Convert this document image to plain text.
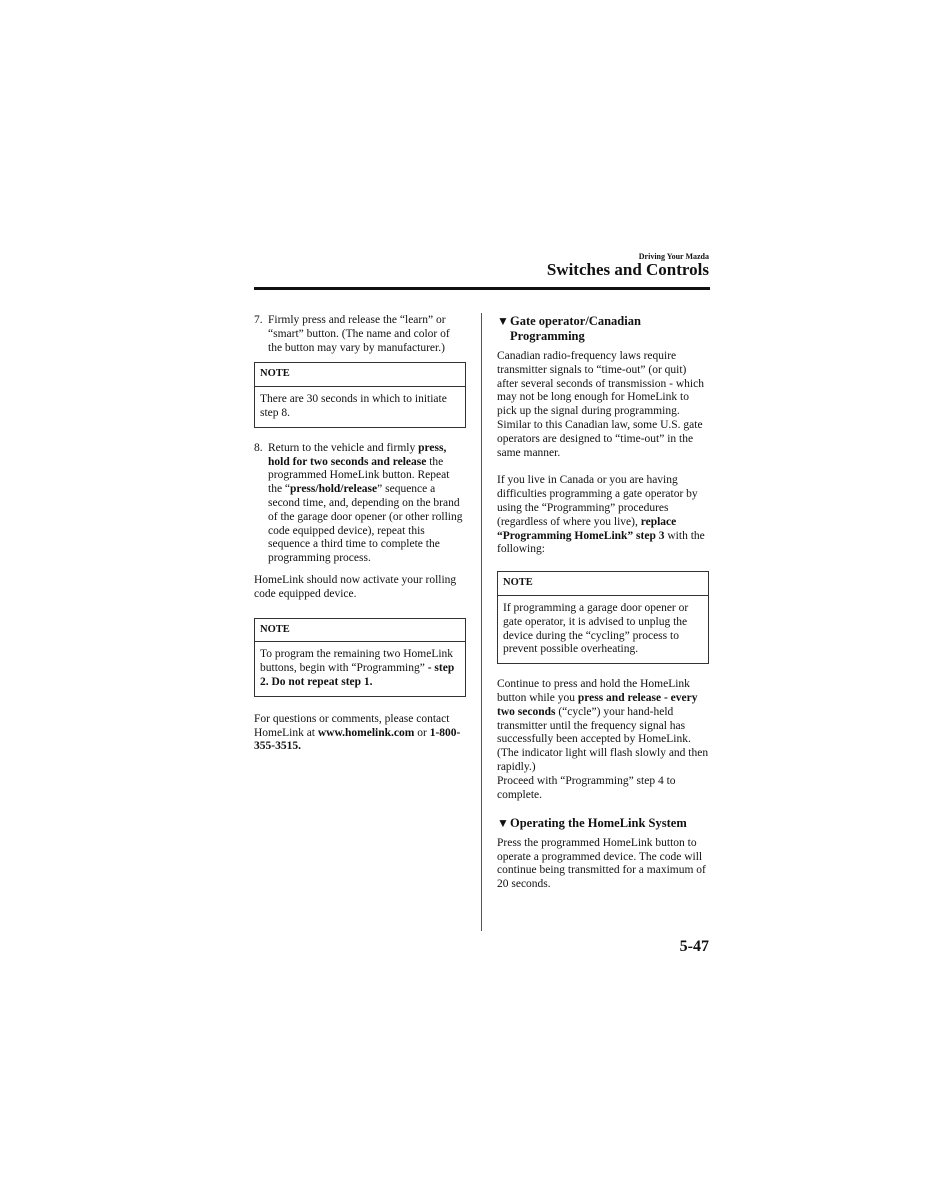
Driving Your Mazda
Switches and Controls
7. Firmly press and release the “learn” or “smart” button. (The name and color of the button may vary by manufacturer.)
NOTE
There are 30 seconds in which to initiate step 8.
8. Return to the vehicle and firmly press, hold for two seconds and release the programmed HomeLink button. Repeat the “press/hold/release” sequence a second time, and, depending on the brand of the garage door opener (or other rolling code equipped device), repeat this sequence a third time to complete the programming process.

HomeLink should now activate your rolling code equipped device.

NOTE
To program the remaining two HomeLink buttons, begin with “Programming” - step 2. Do not repeat step 1.

For questions or comments, please contact HomeLink at www.homelink.com or 1-800-355-3515.

▼ Gate operator/Canadian Programming

Canadian radio-frequency laws require transmitter signals to “time-out” (or quit) after several seconds of transmission - which may not be long enough for HomeLink to pick up the signal during programming. Similar to this Canadian law, some U.S. gate operators are designed to “time-out” in the same manner.

If you live in Canada or you are having difficulties programming a gate operator by using the “Programming” procedures (regardless of where you live), replace “Programming HomeLink” step 3 with the following:

NOTE
If programming a garage door opener or gate operator, it is advised to unplug the device during the “cycling” process to prevent possible overheating.

Continue to press and hold the HomeLink button while you press and release - every two seconds (“cycle”) your hand-held transmitter until the frequency signal has successfully been accepted by HomeLink. (The indicator light will flash slowly and then rapidly.)

Proceed with “Programming” step 4 to complete.

▼ Operating the HomeLink System

Press the programmed HomeLink button to operate a programmed device. The code will continue being transmitted for a maximum of 20 seconds.

5-47
